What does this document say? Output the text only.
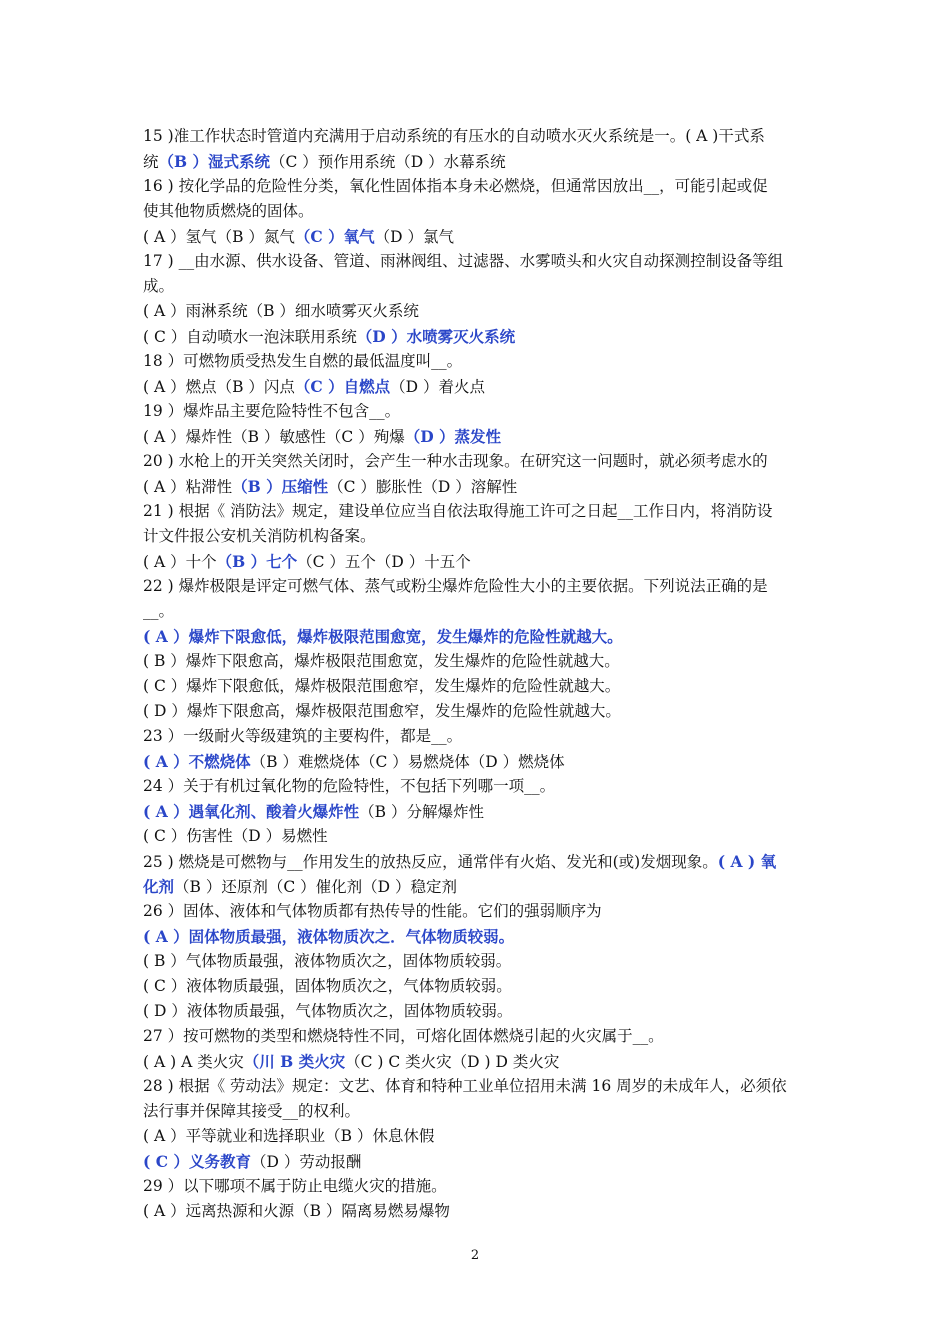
15 )准工作状态时管道内充满用于启动系统的有压水的自动喷水灭火系统是一。( A )干式系
统（B ）湿式系统（C ）预作用系统（D ）水幕系统
16 ) 按化学品的危险性分类，氧化性固体指本身未必燃烧，但通常因放出__，可能引起或促
使其他物质燃烧的固体。
( A ）氢气（B ）氮气（C ）氧气（D ）氯气
17 ) __由水源、供水设备、管道、雨淋阀组、过滤器、水雾喷头和火灾自动探测控制设备等组
成。
( A ）雨淋系统（B ）细水喷雾灭火系统
( C ）自动喷水一泡沫联用系统（D ）水喷雾灭火系统
18 ）可燃物质受热发生自燃的最低温度叫__。
( A ）燃点（B ）闪点（C ）自燃点（D ）着火点
19 ）爆炸品主要危险特性不包含__。
( A ）爆炸性（B ）敏感性（C ）殉爆（D ）蒸发性
20 ) 水枪上的开关突然关闭时，会产生一种水击现象。在研究这一问题时，就必须考虑水的
( A ）粘滞性（B ）压缩性（C ）膨胀性（D ）溶解性
21 ) 根据《 消防法》规定，建设单位应当自依法取得施工许可之日起__工作日内，将消防设
计文件报公安机关消防机构备案。
( A ）十个（B ）七个（C ）五个（D ）十五个
22 ) 爆炸极限是评定可燃气体、蒸气或粉尘爆炸危险性大小的主要依据。下列说法正确的是
__。
( A ）爆炸下限愈低，爆炸极限范围愈宽，发生爆炸的危险性就越大。
( B ）爆炸下限愈高，爆炸极限范围愈宽，发生爆炸的危险性就越大。
( C ）爆炸下限愈低，爆炸极限范围愈窄，发生爆炸的危险性就越大。
( D ）爆炸下限愈高，爆炸极限范围愈窄，发生爆炸的危险性就越大。
23 ）一级耐火等级建筑的主要构件，都是__。
( A ）不燃烧体（B ）难燃烧体（C ）易燃烧体（D ）燃烧体
24 ）关于有机过氧化物的危险特性，不包括下列哪一项__。
( A ）遇氧化剂、酸着火爆炸性（B ）分解爆炸性
( C ）伤害性（D ）易燃性
25 ) 燃烧是可燃物与__作用发生的放热反应，通常伴有火焰、发光和(或)发烟现象。( A ) 氧
化剂（B ）还原剂（C ）催化剂（D ）稳定剂
26 ）固体、液体和气体物质都有热传导的性能。它们的强弱顺序为
( A ）固体物质最强，液体物质次之．气体物质较弱。
( B ）气体物质最强，液体物质次之，固体物质较弱。
( C ）液体物质最强，固体物质次之，气体物质较弱。
( D ）液体物质最强，气体物质次之，固体物质较弱。
27 ）按可燃物的类型和燃烧特性不同，可熔化固体燃烧引起的火灾属于__。
( A ) A 类火灾（川 B 类火灾（C ) C 类火灾（D ) D 类火灾
28 ) 根据《 劳动法》规定：文艺、体育和特种工业单位招用未满 16 周岁的未成年人，必须依
法行事并保障其接受__的权利。
( A ）平等就业和选择职业（B ）休息休假
( C ）义务教育（D ）劳动报酬
29 ）以下哪项不属于防止电缆火灾的措施。
( A ）远离热源和火源（B ）隔离易燃易爆物
2
